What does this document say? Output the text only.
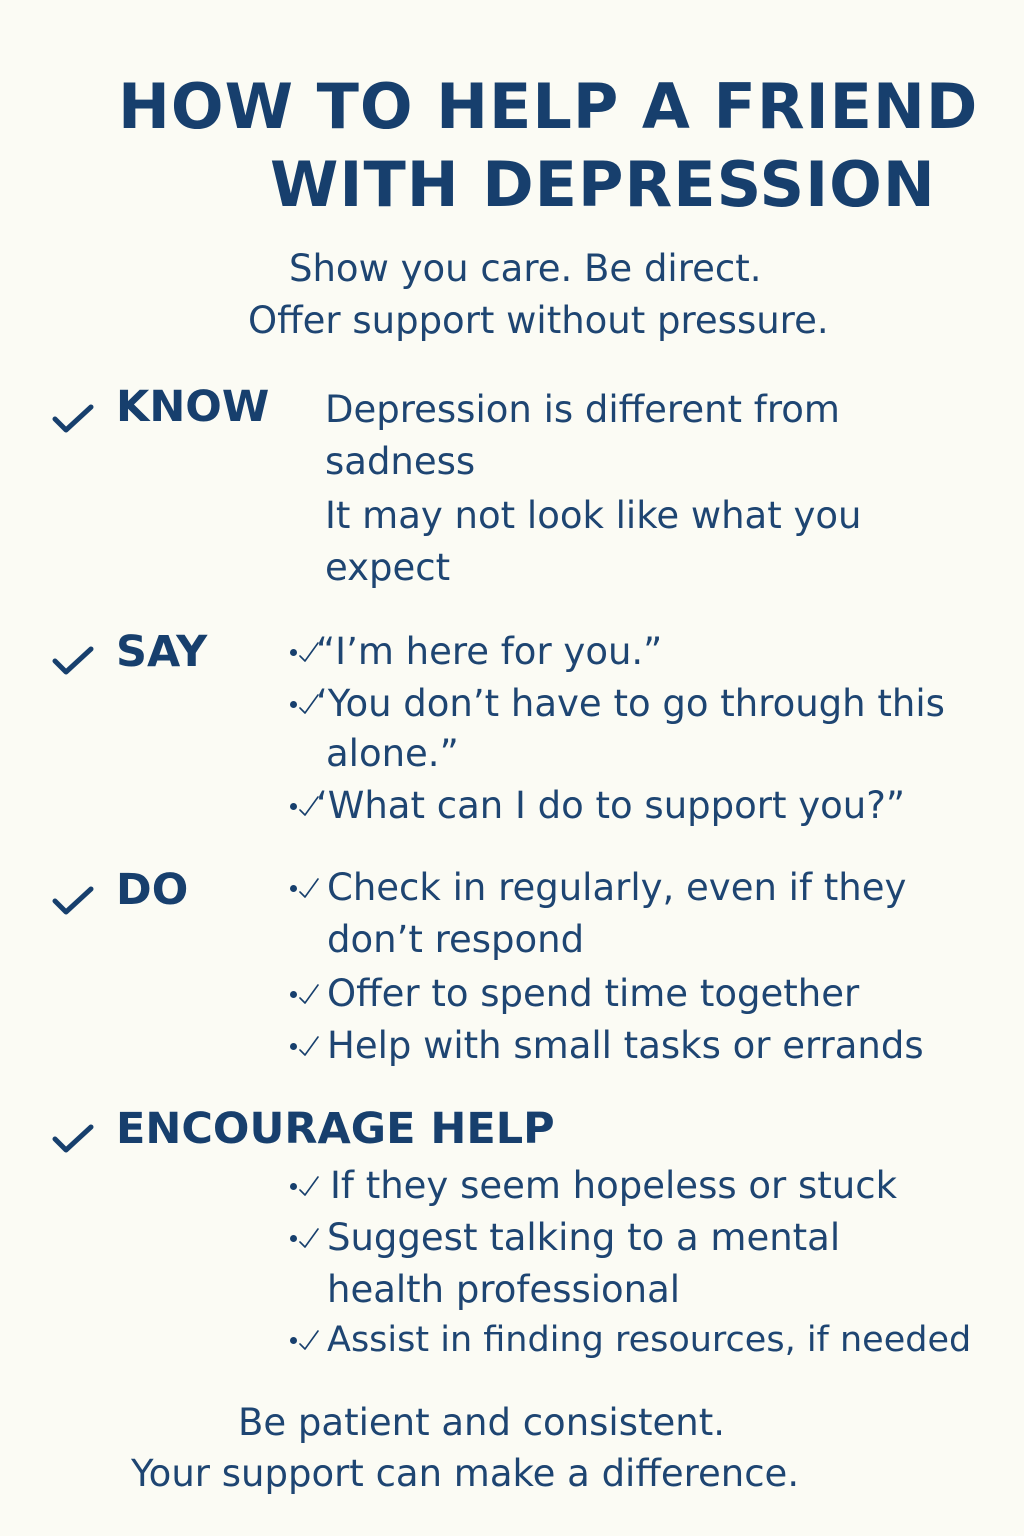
HOW TO HELP A FRIEND
WITH DEPRESSION
Show you care. Be direct.
Offer support without pressure.
KNOW Depression is different from
sadness
It may not look like what you
expect
SAY	“I’m here for you.”
‘You don’t have to go through this
alone.”
‘What can I do to support you?”
DO	Check in regularly, even if they
don’t respond
Offer to spend time together
Help with small tasks or errands
ENCOURAGE HELP
If they seem hopeless or stuck
Suggest talking to a mental
health professional
Assist in finding resources, if needed
Be patient and consistent.
Your support can make a difference.
